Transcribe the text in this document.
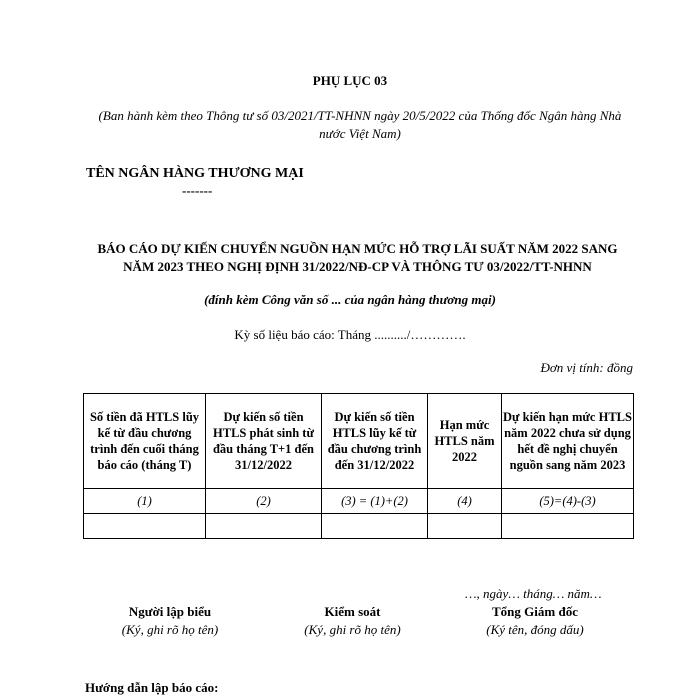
PHỤ LỤC 03
(Ban hành kèm theo Thông tư số 03/2021/TT-NHNN ngày 20/5/2022 của Thống đốc Ngân hàng Nhà nước Việt Nam)
TÊN NGÂN HÀNG THƯƠNG MẠI
-------
BÁO CÁO DỰ KIẾN CHUYỂN NGUỒN HẠN MỨC HỖ TRỢ LÃI SUẤT NĂM 2022 SANG NĂM 2023 THEO NGHỊ ĐỊNH 31/2022/NĐ-CP VÀ THÔNG TƯ 03/2022/TT-NHNN
(đính kèm Công văn số ... của ngân hàng thương mại)
Kỳ số liệu báo cáo: Tháng ........../………….
Đơn vị tính: đồng
Số tiền đã HTLS lũy kế từ đầu chương trình đến cuối tháng báo cáo (tháng T)	Dự kiến số tiền HTLS phát sinh từ đầu tháng T+1 đến 31/12/2022	Dự kiến số tiền HTLS lũy kế từ đầu chương trình đến 31/12/2022	Hạn mức HTLS năm 2022	Dự kiến hạn mức HTLS năm 2022 chưa sử dụng hết đề nghị chuyển nguồn sang năm 2023
(1)	(2)	(3) = (1)+(2)	(4)	(5)=(4)-(3)

…, ngày… tháng… năm…
Người lập biểu
(Ký, ghi rõ họ tên)
Kiểm soát
(Ký, ghi rõ họ tên)
Tổng Giám đốc
(Ký tên, đóng dấu)
Hướng dẫn lập báo cáo:
